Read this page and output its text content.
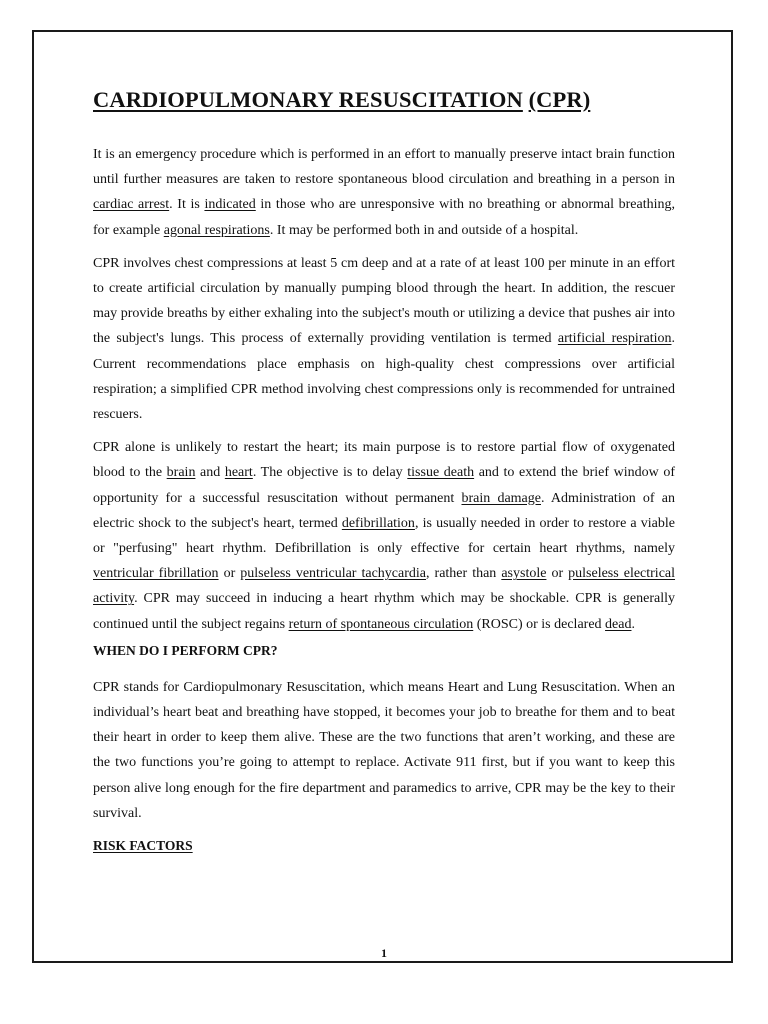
CARDIOPULMONARY RESUSCITATION (CPR)

It is an emergency procedure which is performed in an effort to manually preserve intact brain function until further measures are taken to restore spontaneous blood circulation and breathing in a person in cardiac arrest. It is indicated in those who are unresponsive with no breathing or abnormal breathing, for example agonal respirations. It may be performed both in and outside of a hospital.

CPR involves chest compressions at least 5 cm deep and at a rate of at least 100 per minute in an effort to create artificial circulation by manually pumping blood through the heart. In addition, the rescuer may provide breaths by either exhaling into the subject's mouth or utilizing a device that pushes air into the subject's lungs. This process of externally providing ventilation is termed artificial respiration. Current recommendations place emphasis on high-quality chest compressions over artificial respiration; a simplified CPR method involving chest compressions only is recommended for untrained rescuers.

CPR alone is unlikely to restart the heart; its main purpose is to restore partial flow of oxygenated blood to the brain and heart. The objective is to delay tissue death and to extend the brief window of opportunity for a successful resuscitation without permanent brain damage. Administration of an electric shock to the subject's heart, termed defibrillation, is usually needed in order to restore a viable or "perfusing" heart rhythm. Defibrillation is only effective for certain heart rhythms, namely ventricular fibrillation or pulseless ventricular tachycardia, rather than asystole or pulseless electrical activity. CPR may succeed in inducing a heart rhythm which may be shockable. CPR is generally continued until the subject regains return of spontaneous circulation (ROSC) or is declared dead.

WHEN DO I PERFORM CPR?

CPR stands for Cardiopulmonary Resuscitation, which means Heart and Lung Resuscitation. When an individual’s heart beat and breathing have stopped, it becomes your job to breathe for them and to beat their heart in order to keep them alive. These are the two functions that aren’t working, and these are the two functions you’re going to attempt to replace. Activate 911 first, but if you want to keep this person alive long enough for the fire department and paramedics to arrive, CPR may be the key to their survival.

RISK FACTORS
1
